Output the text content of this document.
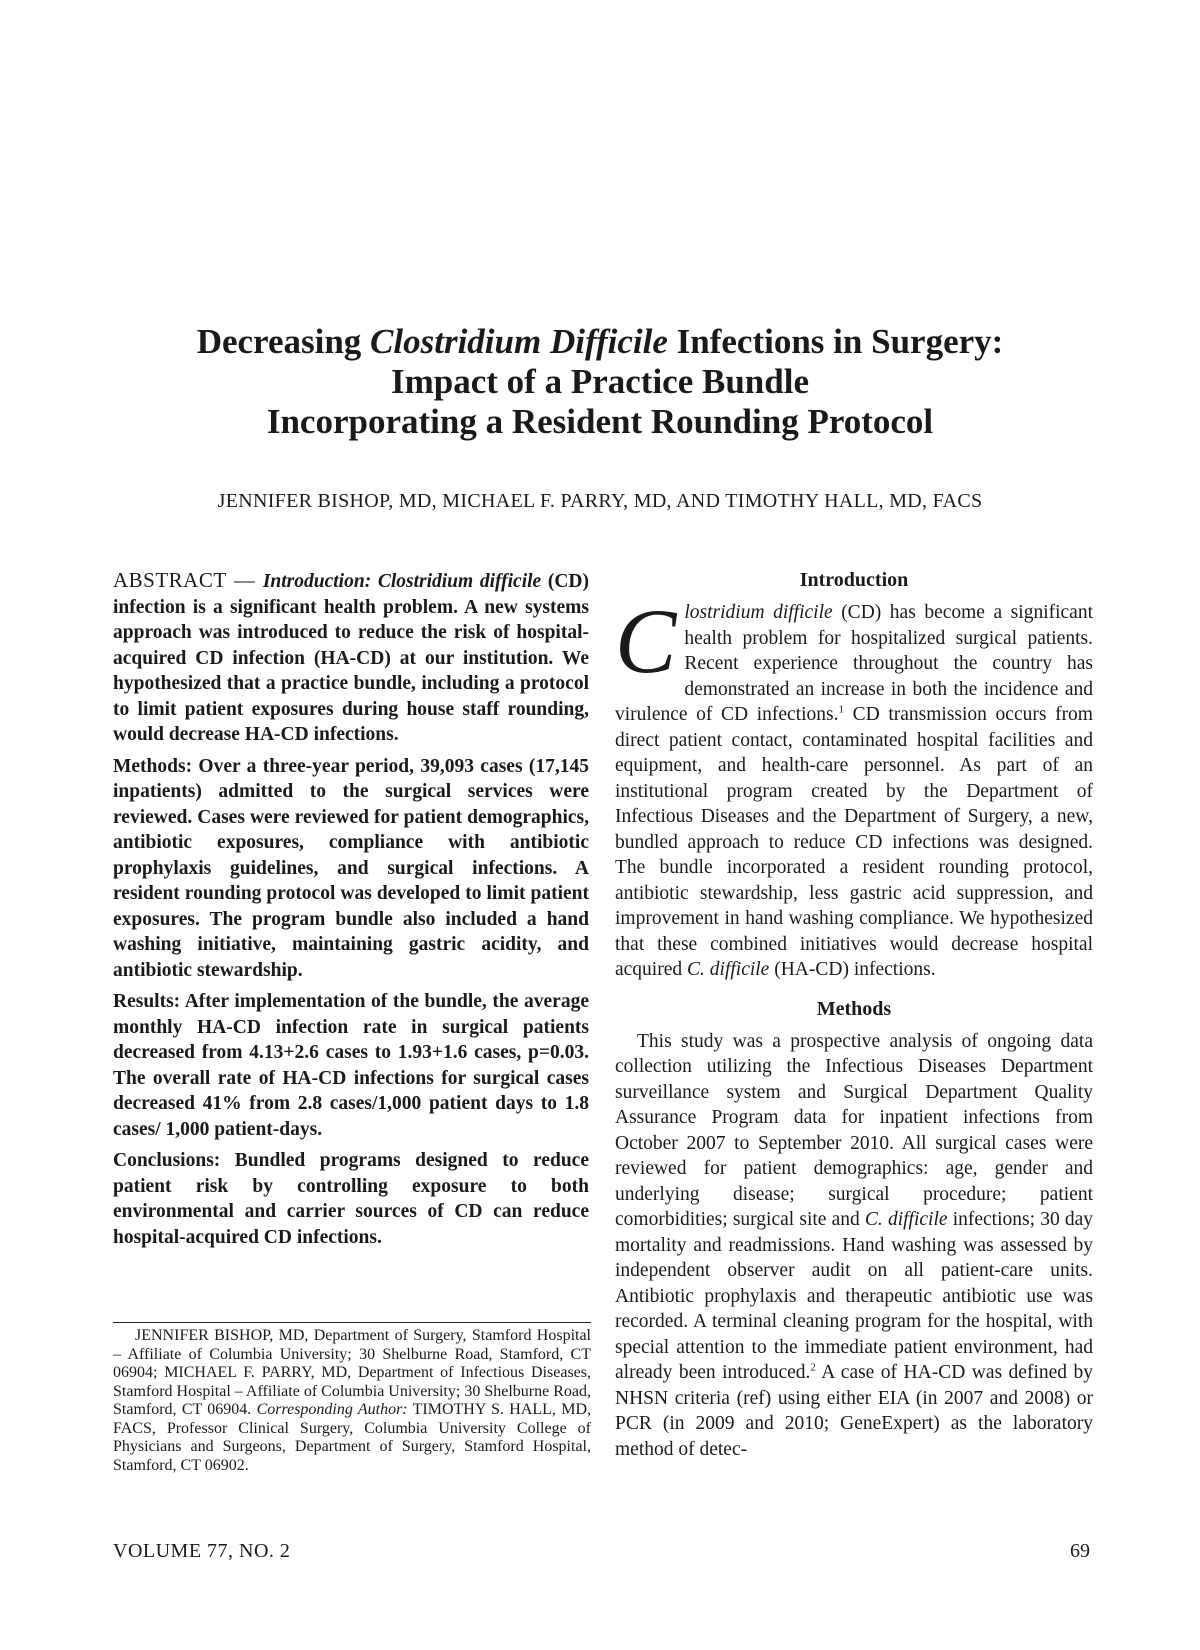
Decreasing Clostridium Difficile Infections in Surgery:
Impact of a Practice Bundle
Incorporating a Resident Rounding Protocol
JENNIFER BISHOP, MD, MICHAEL F. PARRY, MD, AND TIMOTHY HALL, MD, FACS

ABSTRACT — Introduction: Clostridium difficile (CD) infection is a significant health problem. A new systems approach was introduced to reduce the risk of hospital-acquired CD infection (HA-CD) at our institution. We hypothesized that a practice bundle, including a protocol to limit patient exposures during house staff rounding, would decrease HA-CD infections.

Methods: Over a three-year period, 39,093 cases (17,145 inpatients) admitted to the surgical services were reviewed. Cases were reviewed for patient demographics, antibiotic exposures, compliance with antibiotic prophylaxis guidelines, and surgical infections. A resident rounding protocol was developed to limit patient exposures. The program bundle also included a hand washing initiative, maintaining gastric acidity, and antibiotic stewardship.

Results: After implementation of the bundle, the average monthly HA-CD infection rate in surgical patients decreased from 4.13+2.6 cases to 1.93+1.6 cases, p=0.03. The overall rate of HA-CD infections for surgical cases decreased 41% from 2.8 cases/1,000 patient days to 1.8 cases/ 1,000 patient-days.

Conclusions: Bundled programs designed to reduce patient risk by controlling exposure to both environmental and carrier sources of CD can reduce hospital-acquired CD infections.

JENNIFER BISHOP, MD, Department of Surgery, Stamford Hospital – Affiliate of Columbia University; 30 Shelburne Road, Stamford, CT 06904; MICHAEL F. PARRY, MD, Department of Infectious Diseases, Stamford Hospital – Affiliate of Columbia University; 30 Shelburne Road, Stamford, CT 06904. Corresponding Author: TIMOTHY S. HALL, MD, FACS, Professor Clinical Surgery, Columbia University College of Physicians and Surgeons, Department of Surgery, Stamford Hospital, Stamford, CT 06902.

Introduction

Clostridium difficile (CD) has become a significant health problem for hospitalized surgical patients. Recent experience throughout the country has demonstrated an increase in both the incidence and virulence of CD infections.$^1$ CD transmission occurs from direct patient contact, contaminated hospital facilities and equipment, and health-care personnel. As part of an institutional program created by the Department of Infectious Diseases and the Department of Surgery, a new, bundled approach to reduce CD infections was designed. The bundle incorporated a resident rounding protocol, antibiotic stewardship, less gastric acid suppression, and improvement in hand washing compliance. We hypothesized that these combined initiatives would decrease hospital acquired C. difficile (HA-CD) infections.

Methods

This study was a prospective analysis of ongoing data collection utilizing the Infectious Diseases Department surveillance system and Surgical Department Quality Assurance Program data for inpatient infections from October 2007 to September 2010. All surgical cases were reviewed for patient demographics: age, gender and underlying disease; surgical procedure; patient comorbidities; surgical site and C. difficile infections; 30 day mortality and readmissions. Hand washing was assessed by independent observer audit on all patient-care units. Antibiotic prophylaxis and therapeutic antibiotic use was recorded. A terminal cleaning program for the hospital, with special attention to the immediate patient environment, had already been introduced.$^2$ A case of HA-CD was defined by NHSN criteria (ref) using either EIA (in 2007 and 2008) or PCR (in 2009 and 2010; GeneExpert) as the laboratory method of detec-

VOLUME 77, NO. 2	69
